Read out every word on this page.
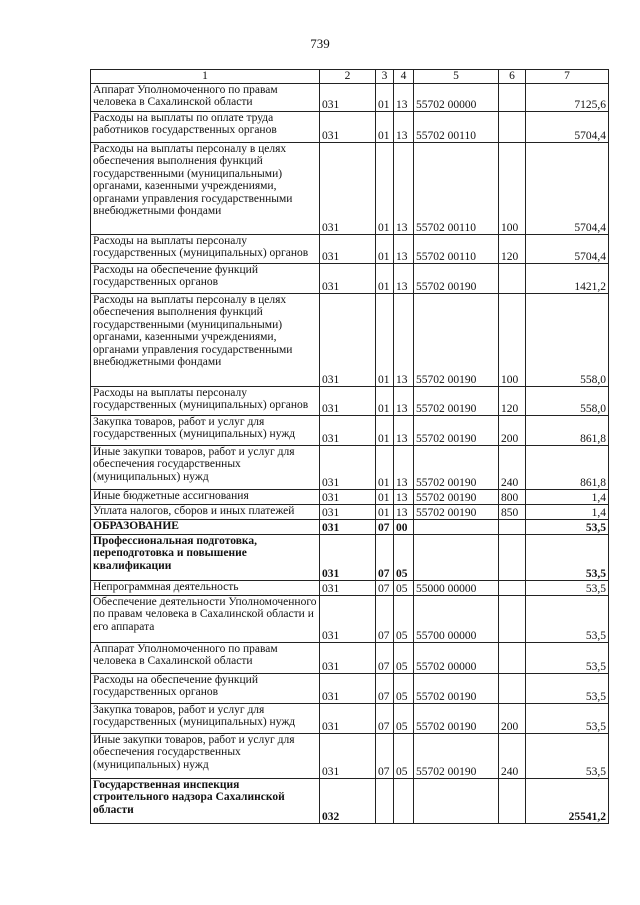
739
1	2	3	4	5	6	7
Аппарат Уполномоченного по правам человека в Сахалинской области	031	01	13	55702 00000		7125,6
Расходы на выплаты по оплате труда работников государственных органов	031	01	13	55702 00110		5704,4
Расходы на выплаты персоналу в целях обеспечения выполнения функций государственными (муниципальными) органами, казенными учреждениями, органами управления государственными внебюджетными фондами	031	01	13	55702 00110	100	5704,4
Расходы на выплаты персоналу государственных (муниципальных) органов	031	01	13	55702 00110	120	5704,4
Расходы на обеспечение функций государственных органов	031	01	13	55702 00190		1421,2
Расходы на выплаты персоналу в целях обеспечения выполнения функций государственными (муниципальными) органами, казенными учреждениями, органами управления государственными внебюджетными фондами	031	01	13	55702 00190	100	558,0
Расходы на выплаты персоналу государственных (муниципальных) органов	031	01	13	55702 00190	120	558,0
Закупка товаров, работ и услуг для государственных (муниципальных) нужд	031	01	13	55702 00190	200	861,8
Иные закупки товаров, работ и услуг для обеспечения государственных (муниципальных) нужд	031	01	13	55702 00190	240	861,8
Иные бюджетные ассигнования	031	01	13	55702 00190	800	1,4
Уплата налогов, сборов и иных платежей	031	01	13	55702 00190	850	1,4
ОБРАЗОВАНИЕ	031	07	00			53,5
Профессиональная подготовка, переподготовка и повышение квалификации	031	07	05			53,5
Непрограммная деятельность	031	07	05	55000 00000		53,5
Обеспечение деятельности Уполномоченного по правам человека в Сахалинской области и его аппарата	031	07	05	55700 00000		53,5
Аппарат Уполномоченного по правам человека в Сахалинской области	031	07	05	55702 00000		53,5
Расходы на обеспечение функций государственных органов	031	07	05	55702 00190		53,5
Закупка товаров, работ и услуг для государственных (муниципальных) нужд	031	07	05	55702 00190	200	53,5
Иные закупки товаров, работ и услуг для обеспечения государственных (муниципальных) нужд	031	07	05	55702 00190	240	53,5
Государственная инспекция строительного надзора Сахалинской области	032					25541,2
